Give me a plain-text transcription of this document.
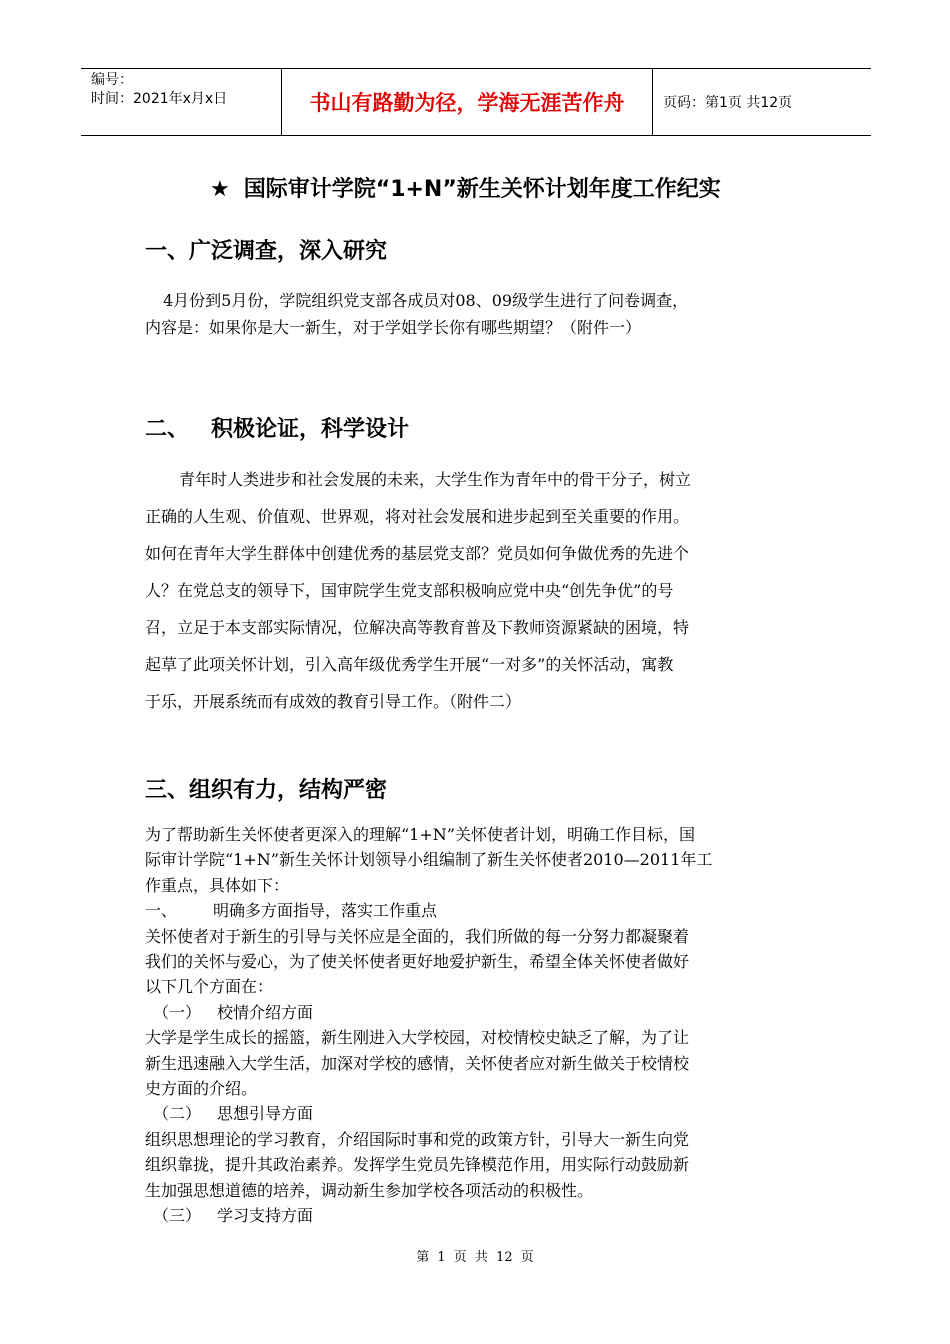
编号：
时间：2021年x月x日	书山有路勤为径，学海无涯苦作舟	页码：第1页 共12页
★ 国际审计学院“1+N”新生关怀计划年度工作纪实
一、广泛调查，深入研究
4月份到5月份，学院组织党支部各成员对08、09级学生进行了问卷调查，
内容是：如果你是大一新生，对于学姐学长你有哪些期望？（附件一）
二、 积极论证，科学设计
青年时人类进步和社会发展的未来，大学生作为青年中的骨干分子，树立
正确的人生观、价值观、世界观，将对社会发展和进步起到至关重要的作用。
如何在青年大学生群体中创建优秀的基层党支部？党员如何争做优秀的先进个
人？在党总支的领导下，国审院学生党支部积极响应党中央“创先争优”的号
召，立足于本支部实际情况，位解决高等教育普及下教师资源紧缺的困境，特
起草了此项关怀计划，引入高年级优秀学生开展“一对多”的关怀活动，寓教
于乐，开展系统而有成效的教育引导工作。（附件二）
三、组织有力，结构严密
为了帮助新生关怀使者更深入的理解“1+N”关怀使者计划，明确工作目标，国
际审计学院“1+N”新生关怀计划领导小组编制了新生关怀使者2010—2011年工
作重点，具体如下：
一、 明确多方面指导，落实工作重点
关怀使者对于新生的引导与关怀应是全面的，我们所做的每一分努力都凝聚着
我们的关怀与爱心，为了使关怀使者更好地爱护新生，希望全体关怀使者做好
以下几个方面在：
（一） 校情介绍方面
大学是学生成长的摇篮，新生刚进入大学校园，对校情校史缺乏了解，为了让
新生迅速融入大学生活，加深对学校的感情，关怀使者应对新生做关于校情校
史方面的介绍。
（二） 思想引导方面
组织思想理论的学习教育，介绍国际时事和党的政策方针，引导大一新生向党
组织靠拢，提升其政治素养。发挥学生党员先锋模范作用，用实际行动鼓励新
生加强思想道德的培养，调动新生参加学校各项活动的积极性。
（三） 学习支持方面
第 1 页 共 12 页
